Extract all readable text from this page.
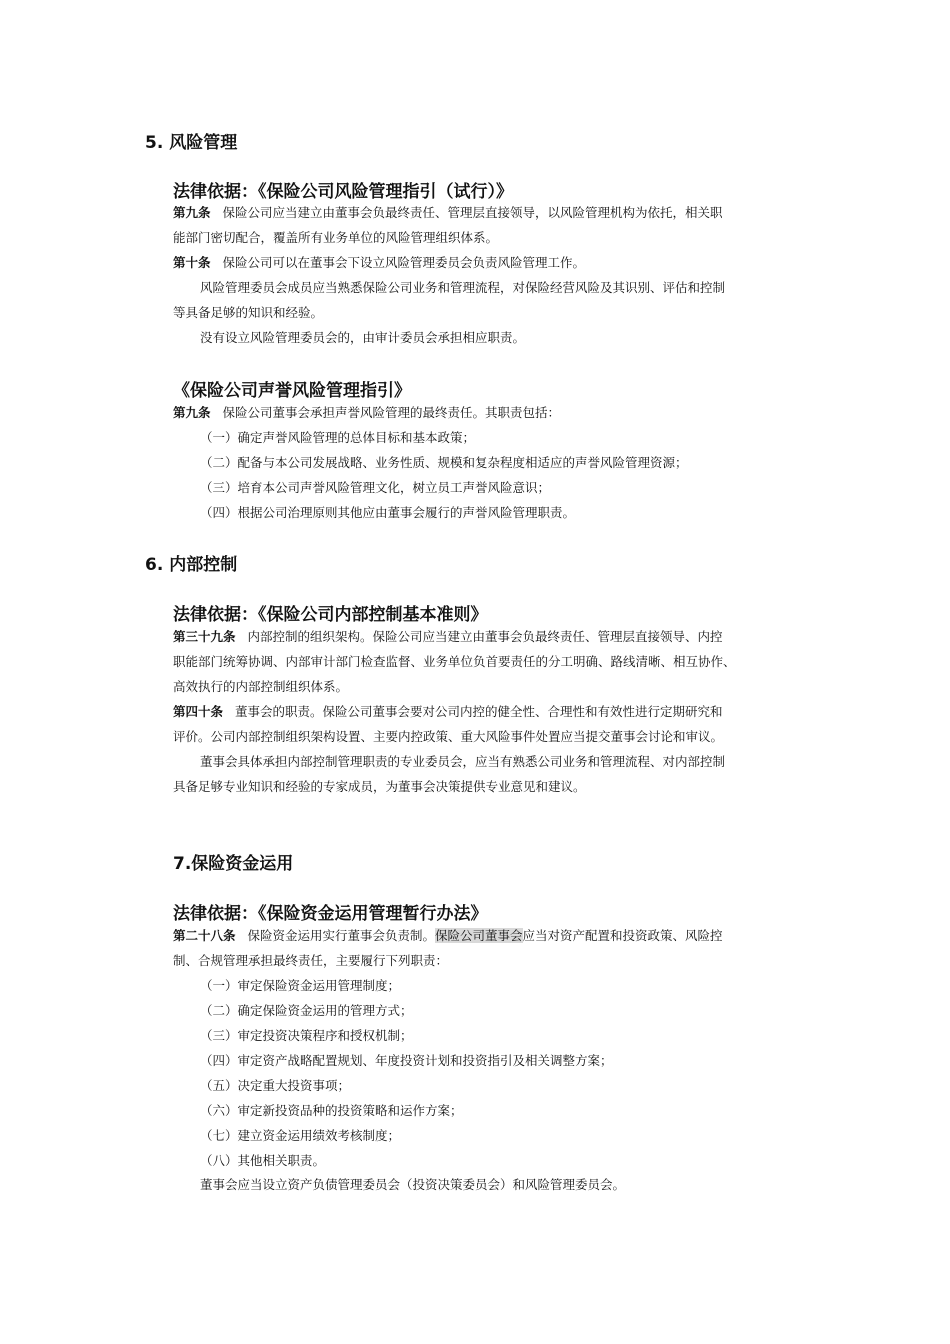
5. 风险管理
法律依据：《保险公司风险管理指引（试行）》

第九条 保险公司应当建立由董事会负最终责任、管理层直接领导，以风险管理机构为依托，相关职

能部门密切配合，覆盖所有业务单位的风险管理组织体系。

第十条 保险公司可以在董事会下设立风险管理委员会负责风险管理工作。

风险管理委员会成员应当熟悉保险公司业务和管理流程，对保险经营风险及其识别、评估和控制

等具备足够的知识和经验。

没有设立风险管理委员会的，由审计委员会承担相应职责。

《保险公司声誉风险管理指引》

第九条 保险公司董事会承担声誉风险管理的最终责任。其职责包括：

（一）确定声誉风险管理的总体目标和基本政策；

（二）配备与本公司发展战略、业务性质、规模和复杂程度相适应的声誉风险管理资源；

（三）培育本公司声誉风险管理文化，树立员工声誉风险意识；

（四）根据公司治理原则其他应由董事会履行的声誉风险管理职责。

6. 内部控制
法律依据：《保险公司内部控制基本准则》

第三十九条 内部控制的组织架构。保险公司应当建立由董事会负最终责任、管理层直接领导、内控

职能部门统筹协调、内部审计部门检查监督、业务单位负首要责任的分工明确、路线清晰、相互协作、

高效执行的内部控制组织体系。

第四十条 董事会的职责。保险公司董事会要对公司内控的健全性、合理性和有效性进行定期研究和

评价。公司内部控制组织架构设置、主要内控政策、重大风险事件处置应当提交董事会讨论和审议。

董事会具体承担内部控制管理职责的专业委员会，应当有熟悉公司业务和管理流程、对内部控制

具备足够专业知识和经验的专家成员，为董事会决策提供专业意见和建议。

7.保险资金运用
法律依据：《保险资金运用管理暂行办法》

第二十八条 保险资金运用实行董事会负责制。保险公司董事会应当对资产配置和投资政策、风险控

制、合规管理承担最终责任，主要履行下列职责：

（一）审定保险资金运用管理制度；

（二）确定保险资金运用的管理方式；

（三）审定投资决策程序和授权机制；

（四）审定资产战略配置规划、年度投资计划和投资指引及相关调整方案；

（五）决定重大投资事项；

（六）审定新投资品种的投资策略和运作方案；

（七）建立资金运用绩效考核制度；

（八）其他相关职责。

董事会应当设立资产负债管理委员会（投资决策委员会）和风险管理委员会。
